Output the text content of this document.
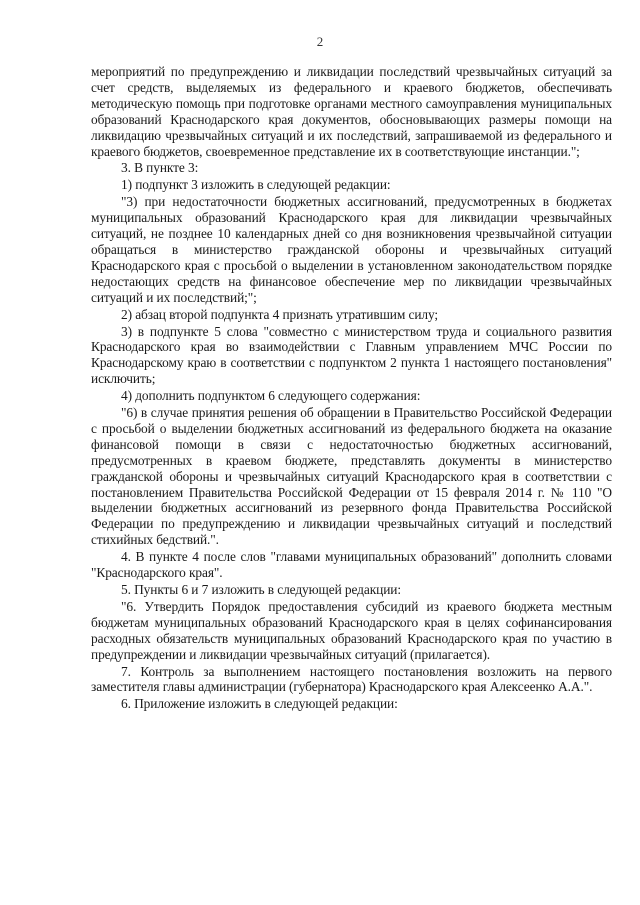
2

мероприятий по предупреждению и ликвидации последствий чрезвычайных ситуаций за счет средств, выделяемых из федерального и краевого бюджетов, обеспечивать методическую помощь при подготовке органами местного самоуправления муниципальных образований Краснодарского края документов, обосновывающих размеры помощи на ликвидацию чрезвычайных ситуаций и их последствий, запрашиваемой из федерального и краевого бюджетов, своевременное представление их в соответствующие инстанции.";

3. В пункте 3:

1) подпункт 3 изложить в следующей редакции:

"3) при недостаточности бюджетных ассигнований, предусмотренных в бюджетах муниципальных образований Краснодарского края для ликвидации чрезвычайных ситуаций, не позднее 10 календарных дней со дня возникновения чрезвычайной ситуации обращаться в министерство гражданской обороны и чрезвычайных ситуаций Краснодарского края с просьбой о выделении в установленном законодательством порядке недостающих средств на финансовое обеспечение мер по ликвидации чрезвычайных ситуаций и их последствий;";

2) абзац второй подпункта 4 признать утратившим силу;

3) в подпункте 5 слова "совместно с министерством труда и социального развития Краснодарского края во взаимодействии с Главным управлением МЧС России по Краснодарскому краю в соответствии с подпунктом 2 пункта 1 настоящего постановления" исключить;

4) дополнить подпунктом 6 следующего содержания:

"6) в случае принятия решения об обращении в Правительство Российской Федерации с просьбой о выделении бюджетных ассигнований из федерального бюджета на оказание финансовой помощи в связи с недостаточностью бюджетных ассигнований, предусмотренных в краевом бюджете, представлять документы в министерство гражданской обороны и чрезвычайных ситуаций Краснодарского края в соответствии с постановлением Правительства Российской Федерации от 15 февраля 2014 г. № 110 "О выделении бюджетных ассигнований из резервного фонда Правительства Российской Федерации по предупреждению и ликвидации чрезвычайных ситуаций и последствий стихийных бедствий.".

4. В пункте 4 после слов "главами муниципальных образований" дополнить словами "Краснодарского края".

5. Пункты 6 и 7 изложить в следующей редакции:

"6. Утвердить Порядок предоставления субсидий из краевого бюджета местным бюджетам муниципальных образований Краснодарского края в целях софинансирования расходных обязательств муниципальных образований Краснодарского края по участию в предупреждении и ликвидации чрезвычайных ситуаций (прилагается).

7. Контроль за выполнением настоящего постановления возложить на первого заместителя главы администрации (губернатора) Краснодарского края Алексеенко А.А.".

6. Приложение изложить в следующей редакции:
